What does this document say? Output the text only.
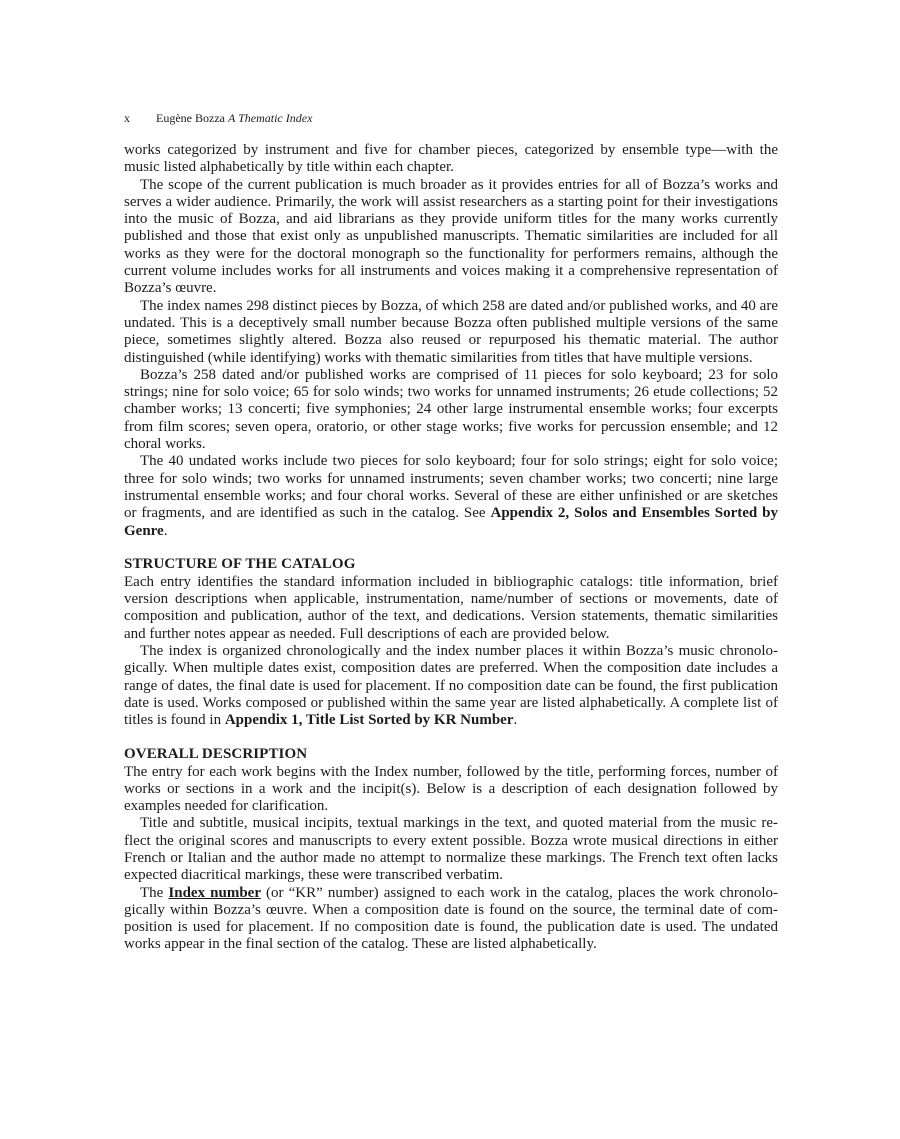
x Eugène Bozza A Thematic Index

works categorized by instrument and five for chamber pieces, categorized by ensemble type—with the music listed alphabetically by title within each chapter.

The scope of the current publication is much broader as it provides entries for all of Bozza’s works and serves a wider audience. Primarily, the work will assist researchers as a starting point for their investigations into the music of Bozza, and aid librarians as they provide uniform titles for the many works currently published and those that exist only as unpublished manuscripts. Thematic similarities are included for all works as they were for the doctoral monograph so the functionality for performers remains, although the current volume includes works for all instruments and voices making it a comprehensive representation of Bozza’s œuvre.

The index names 298 distinct pieces by Bozza, of which 258 are dated and/or published works, and 40 are undated. This is a deceptively small number because Bozza often published multiple versions of the same piece, sometimes slightly altered. Bozza also reused or repurposed his thematic material. The author distinguished (while identifying) works with thematic similarities from titles that have multiple versions.

Bozza’s 258 dated and/or published works are comprised of 11 pieces for solo keyboard; 23 for solo strings; nine for solo voice; 65 for solo winds; two works for unnamed instruments; 26 etude collections; 52 chamber works; 13 concerti; five symphonies; 24 other large instrumental ensemble works; four excerpts from film scores; seven opera, oratorio, or other stage works; five works for percussion ensemble; and 12 choral works.

The 40 undated works include two pieces for solo keyboard; four for solo strings; eight for solo voice; three for solo winds; two works for unnamed instruments; seven chamber works; two concerti; nine large instrumental ensemble works; and four choral works. Several of these are either unfinished or are sketches or fragments, and are identified as such in the catalog. See Appendix 2, Solos and Ensembles Sorted by Genre.

STRUCTURE OF THE CATALOG

Each entry identifies the standard information included in bibliographic catalogs: title information, brief version descriptions when applicable, instrumentation, name/number of sections or movements, date of composition and publication, author of the text, and dedications. Version statements, thematic similarities and further notes appear as needed. Full descriptions of each are provided below.

The index is organized chronologically and the index number places it within Bozza’s music chronologically. When multiple dates exist, composition dates are preferred. When the composition date includes a range of dates, the final date is used for placement. If no composition date can be found, the first publication date is used. Works composed or published within the same year are listed alphabetically. A complete list of titles is found in Appendix 1, Title List Sorted by KR Number.

OVERALL DESCRIPTION

The entry for each work begins with the Index number, followed by the title, performing forces, number of works or sections in a work and the incipit(s). Below is a description of each designation followed by examples needed for clarification.

Title and subtitle, musical incipits, textual markings in the text, and quoted material from the music reflect the original scores and manuscripts to every extent possible. Bozza wrote musical directions in either French or Italian and the author made no attempt to normalize these markings. The French text often lacks expected diacritical markings, these were transcribed verbatim.

The Index number (or “KR” number) assigned to each work in the catalog, places the work chronologically within Bozza’s œuvre. When a composition date is found on the source, the terminal date of composition is used for placement. If no composition date is found, the publication date is used. The undated works appear in the final section of the catalog. These are listed alphabetically.
